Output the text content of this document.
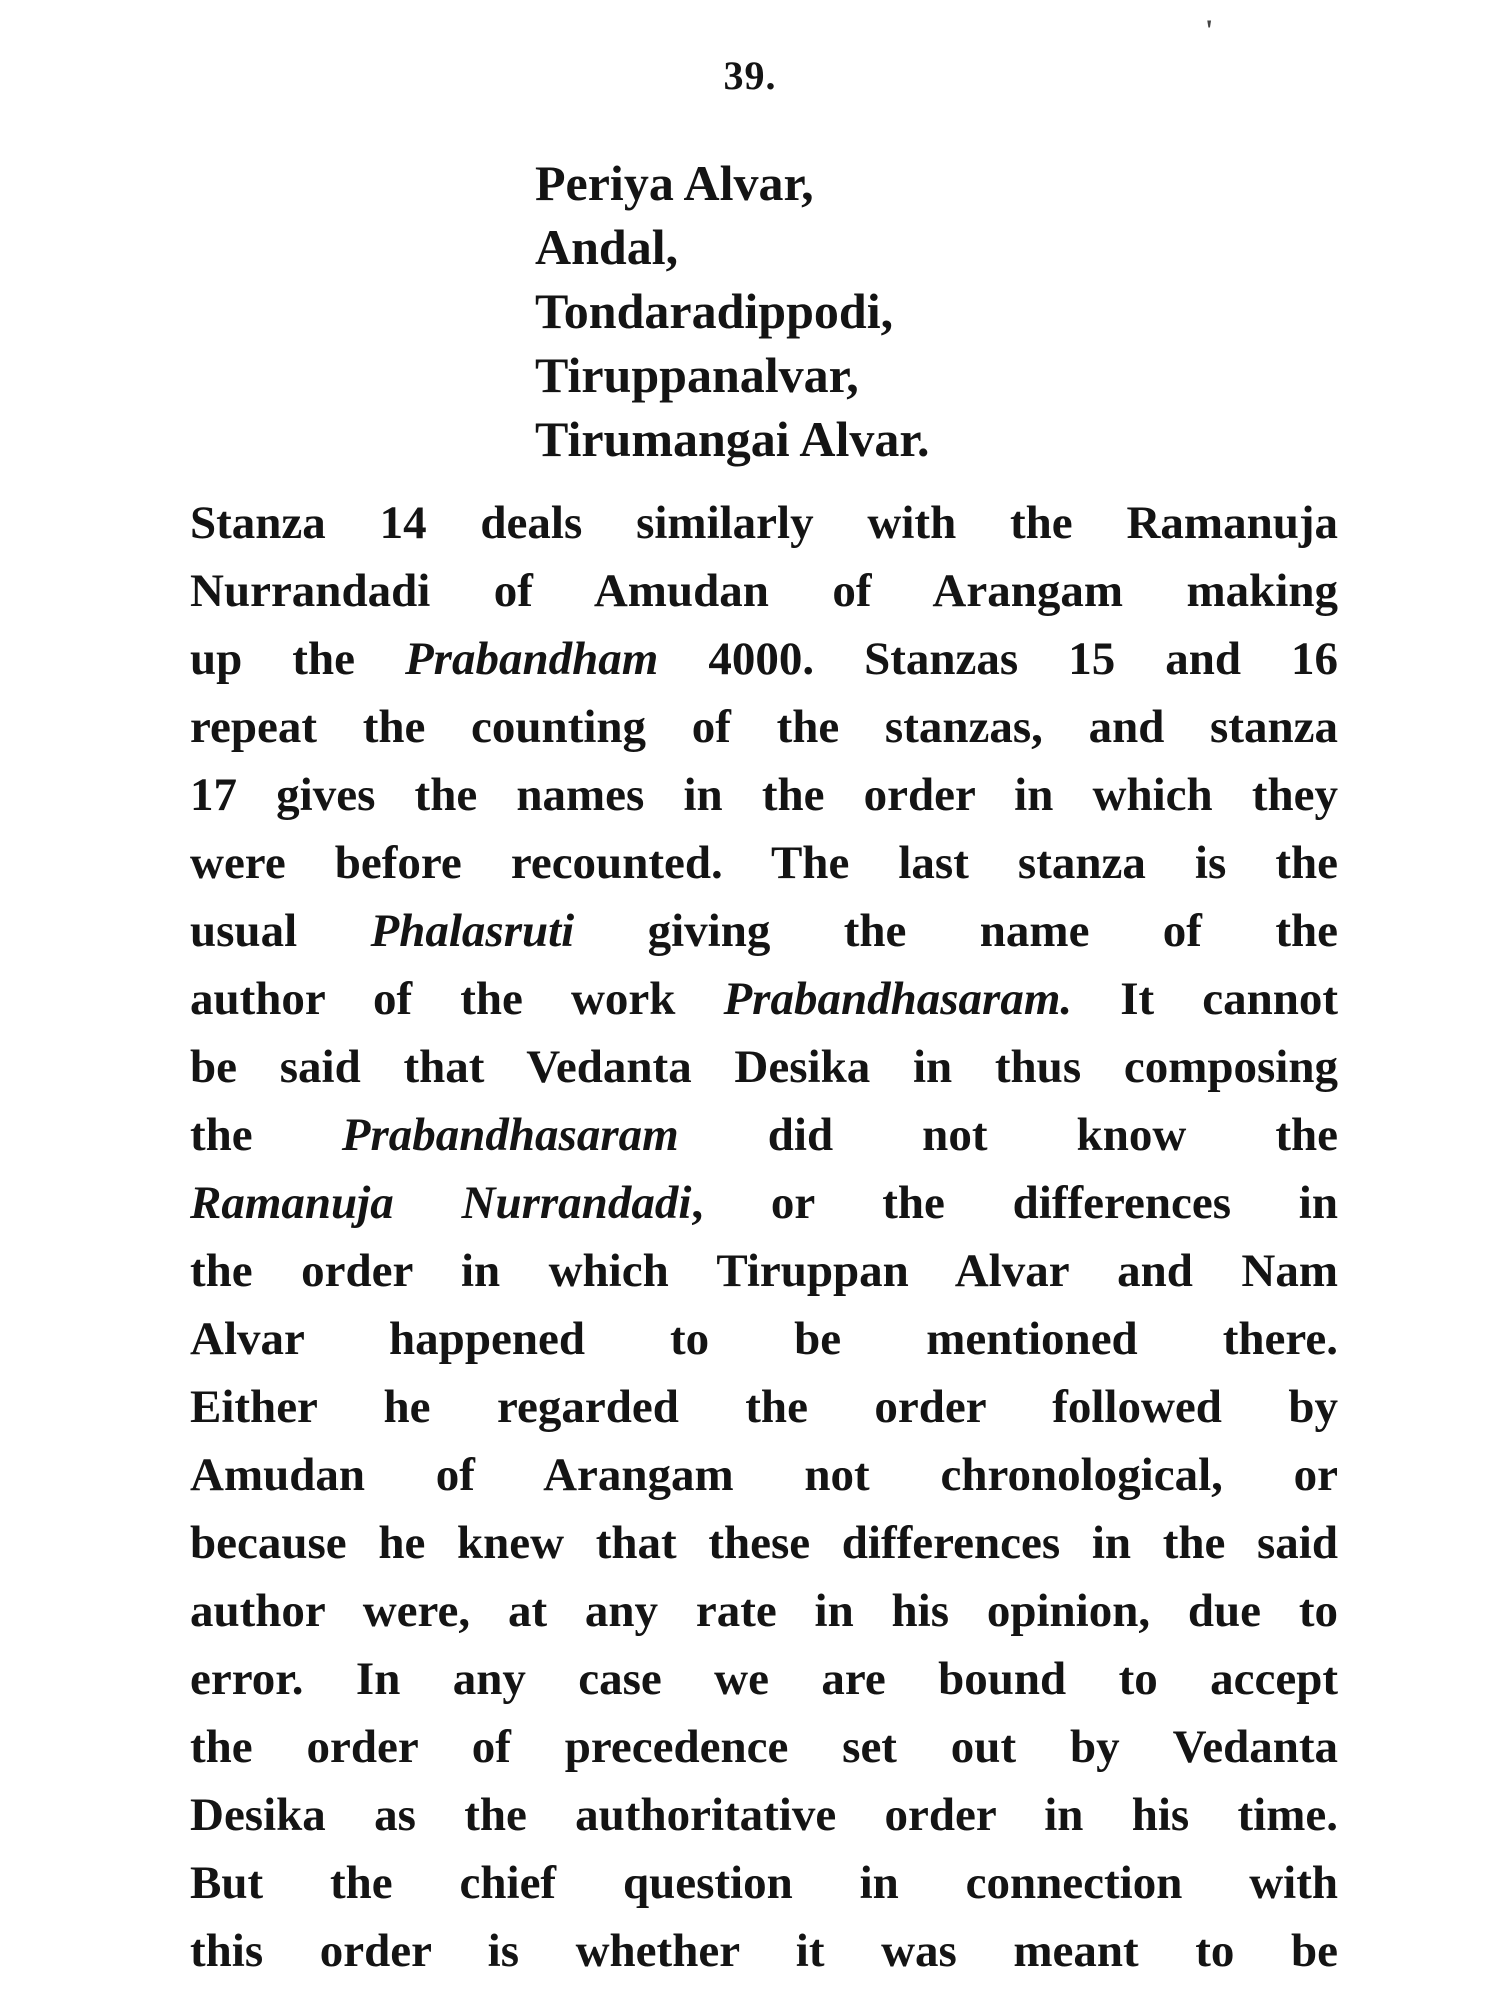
'
39.
Periya Alvar,
Andal,
Tondaradippodi,
Tiruppanalvar,
Tirumangai Alvar.
Stanza 14 deals similarly with the Ramanuja
Nurrandadi of Amudan of Arangam making
up the Prabandham 4000. Stanzas 15 and 16
repeat the counting of the stanzas, and stanza
17 gives the names in the order in which they
were before recounted. The last stanza is the
usual Phalasruti giving the name of the
author of the work Prabandhasaram. It cannot
be said that Vedanta Desika in thus composing
the Prabandhasaram did not know the
Ramanuja Nurrandadi, or the differences in
the order in which Tiruppan Alvar and Nam
Alvar happened to be mentioned there.
Either he regarded the order followed by
Amudan of Arangam not chronological, or
because he knew that these differences in the said
author were, at any rate in his opinion, due to
error. In any case we are bound to accept
the order of precedence set out by Vedanta
Desika as the authoritative order in his time.
But the chief question in connection with
this order is whether it was meant to be
